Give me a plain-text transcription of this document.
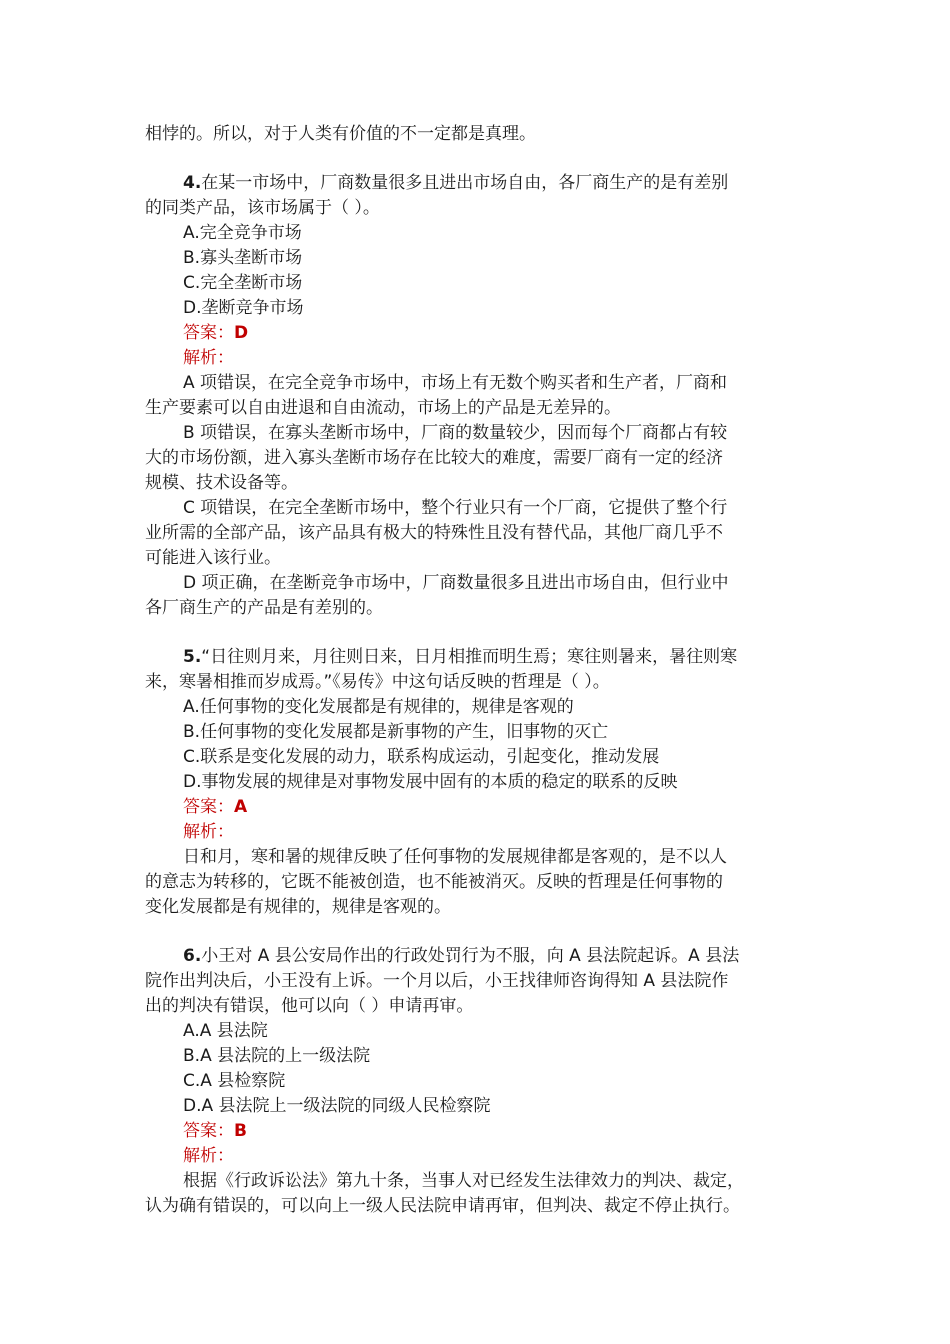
相悖的。所以，对于人类有价值的不一定都是真理。
4.在某一市场中，厂商数量很多且进出市场自由，各厂商生产的是有差别
的同类产品，该市场属于（ ）。
A.完全竞争市场
B.寡头垄断市场
C.完全垄断市场
D.垄断竞争市场
答案：D
解析：
A 项错误，在完全竞争市场中，市场上有无数个购买者和生产者，厂商和
生产要素可以自由进退和自由流动，市场上的产品是无差异的。
B 项错误，在寡头垄断市场中，厂商的数量较少，因而每个厂商都占有较
大的市场份额，进入寡头垄断市场存在比较大的难度，需要厂商有一定的经济
规模、技术设备等。
C 项错误，在完全垄断市场中，整个行业只有一个厂商，它提供了整个行
业所需的全部产品，该产品具有极大的特殊性且没有替代品，其他厂商几乎不
可能进入该行业。
D 项正确，在垄断竞争市场中，厂商数量很多且进出市场自由，但行业中
各厂商生产的产品是有差别的。
5.“日往则月来，月往则日来，日月相推而明生焉；寒往则暑来，暑往则寒
来，寒暑相推而岁成焉。”《易传》中这句话反映的哲理是（ ）。
A.任何事物的变化发展都是有规律的，规律是客观的
B.任何事物的变化发展都是新事物的产生，旧事物的灭亡
C.联系是变化发展的动力，联系构成运动，引起变化，推动发展
D.事物发展的规律是对事物发展中固有的本质的稳定的联系的反映
答案：A
解析：
日和月，寒和暑的规律反映了任何事物的发展规律都是客观的，是不以人
的意志为转移的，它既不能被创造，也不能被消灭。反映的哲理是任何事物的
变化发展都是有规律的，规律是客观的。
6.小王对 A 县公安局作出的行政处罚行为不服，向 A 县法院起诉。A 县法
院作出判决后，小王没有上诉。一个月以后，小王找律师咨询得知 A 县法院作
出的判决有错误，他可以向（ ）申请再审。
A.A 县法院
B.A 县法院的上一级法院
C.A 县检察院
D.A 县法院上一级法院的同级人民检察院
答案：B
解析：
根据《行政诉讼法》第九十条，当事人对已经发生法律效力的判决、裁定，
认为确有错误的，可以向上一级人民法院申请再审，但判决、裁定不停止执行。
